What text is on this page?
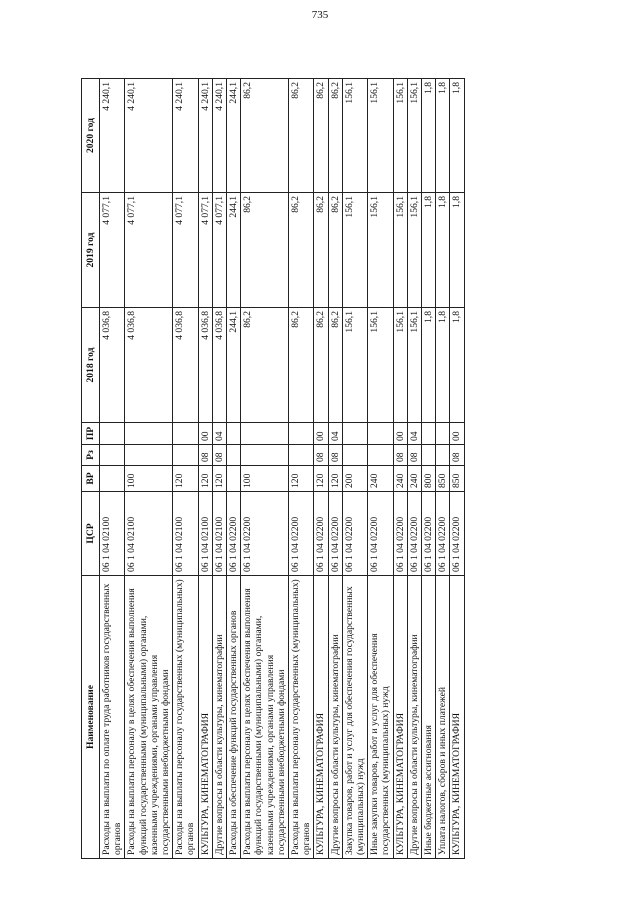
735
Наименование	ЦСР	ВР	Рз	ПР	2018 год	2019 год	2020 год
Расходы на выплаты по оплате труда работников государственных органов	06 1 04 02100				4 036,8	4 077,1	4 240,1
Расходы на выплаты персоналу в целях обеспечения выполнения функций государственными (муниципальными) органами, казенными учреждениями, органами управления государственными внебюджетными фондами	06 1 04 02100	100			4 036,8	4 077,1	4 240,1
Расходы на выплаты персоналу государственных (муниципальных) органов	06 1 04 02100	120			4 036,8	4 077,1	4 240,1
КУЛЬТУРА, КИНЕМАТОГРАФИЯ	06 1 04 02100	120	08	00	4 036,8	4 077,1	4 240,1
Другие вопросы в области культуры, кинематографии	06 1 04 02100	120	08	04	4 036,8	4 077,1	4 240,1
Расходы на обеспечение функций государственных органов	06 1 04 02200				244,1	244,1	244,1
Расходы на выплаты персоналу в целях обеспечения выполнения функций государственными (муниципальными) органами, казенными учреждениями, органами управления государственными внебюджетными фондами	06 1 04 02200	100			86,2	86,2	86,2
Расходы на выплаты персоналу государственных (муниципальных) органов	06 1 04 02200	120			86,2	86,2	86,2
КУЛЬТУРА, КИНЕМАТОГРАФИЯ	06 1 04 02200	120	08	00	86,2	86,2	86,2
Другие вопросы в области культуры, кинематографии	06 1 04 02200	120	08	04	86,2	86,2	86,2
Закупка товаров, работ и услуг для обеспечения государственных (муниципальных) нужд	06 1 04 02200	200			156,1	156,1	156,1
Иные закупки товаров, работ и услуг для обеспечения государственных (муниципальных) нужд	06 1 04 02200	240			156,1	156,1	156,1
КУЛЬТУРА, КИНЕМАТОГРАФИЯ	06 1 04 02200	240	08	00	156,1	156,1	156,1
Другие вопросы в области культуры, кинематографии	06 1 04 02200	240	08	04	156,1	156,1	156,1
Иные бюджетные ассигнования	06 1 04 02200	800			1,8	1,8	1,8
Уплата налогов, сборов и иных платежей	06 1 04 02200	850			1,8	1,8	1,8
КУЛЬТУРА, КИНЕМАТОГРАФИЯ	06 1 04 02200	850	08	00	1,8	1,8	1,8
